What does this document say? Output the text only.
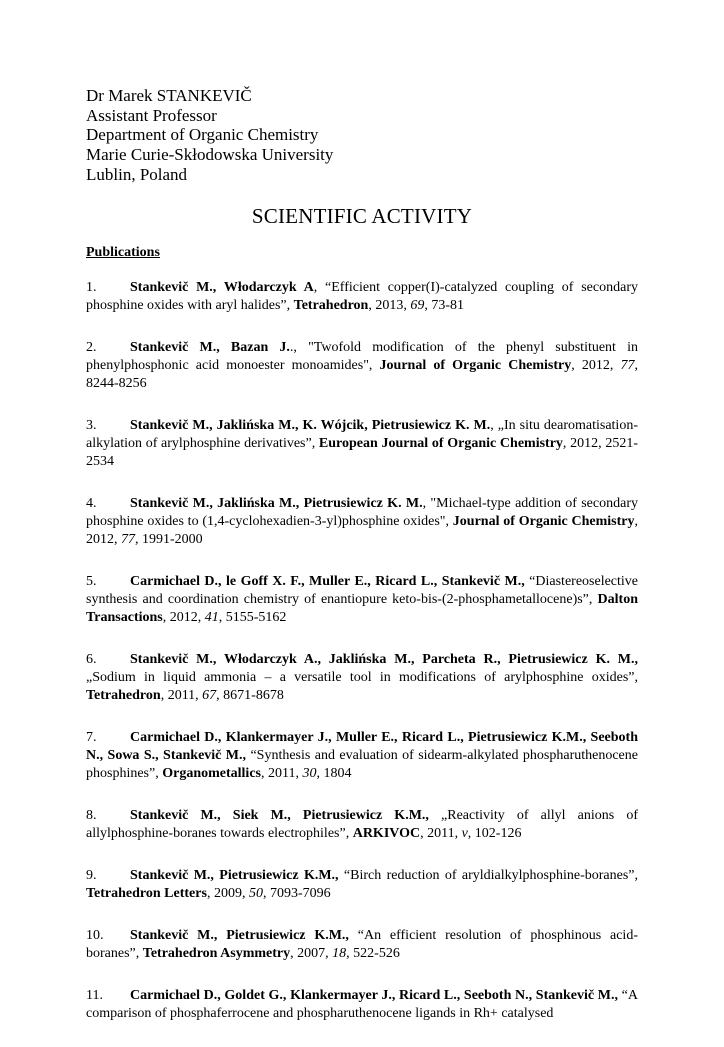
Dr Marek STANKEVIČ
Assistant Professor
Department of Organic Chemistry
Marie Curie-Skłodowska University
Lublin, Poland
SCIENTIFIC ACTIVITY
Publications
1. Stankevič M., Włodarczyk A, “Efficient copper(I)-catalyzed coupling of secondary phosphine oxides with aryl halides”, Tetrahedron, 2013, 69, 73-81
2. Stankevič M., Bazan J.., "Twofold modification of the phenyl substituent in phenylphosphonic acid monoester monoamides", Journal of Organic Chemistry, 2012, 77, 8244-8256
3. Stankevič M., Jaklińska M., K. Wójcik, Pietrusiewicz K. M., „In situ dearomatisation-alkylation of arylphosphine derivatives”, European Journal of Organic Chemistry, 2012, 2521-2534
4. Stankevič M., Jaklińska M., Pietrusiewicz K. M., "Michael-type addition of secondary phosphine oxides to (1,4-cyclohexadien-3-yl)phosphine oxides", Journal of Organic Chemistry, 2012, 77, 1991-2000
5. Carmichael D., le Goff X. F., Muller E., Ricard L., Stankevič M., “Diastereoselective synthesis and coordination chemistry of enantiopure keto-bis-(2-phosphametallocene)s”, Dalton Transactions, 2012, 41, 5155-5162
6. Stankevič M., Włodarczyk A., Jaklińska M., Parcheta R., Pietrusiewicz K. M., „Sodium in liquid ammonia – a versatile tool in modifications of arylphosphine oxides”, Tetrahedron, 2011, 67, 8671-8678
7. Carmichael D., Klankermayer J., Muller E., Ricard L., Pietrusiewicz K.M., Seeboth N., Sowa S., Stankevič M., “Synthesis and evaluation of sidearm-alkylated phospharuthenocene phosphines”, Organometallics, 2011, 30, 1804
8. Stankevič M., Siek M., Pietrusiewicz K.M., „Reactivity of allyl anions of allylphosphine-boranes towards electrophiles”, ARKIVOC, 2011, v, 102-126
9. Stankevič M., Pietrusiewicz K.M., “Birch reduction of aryldialkylphosphine-boranes”, Tetrahedron Letters, 2009, 50, 7093-7096
10. Stankevič M., Pietrusiewicz K.M., “An efficient resolution of phosphinous acid-boranes”, Tetrahedron Asymmetry, 2007, 18, 522-526
11. Carmichael D., Goldet G., Klankermayer J., Ricard L., Seeboth N., Stankevič M., “A comparison of phosphaferrocene and phospharuthenocene ligands in Rh+ catalysed
